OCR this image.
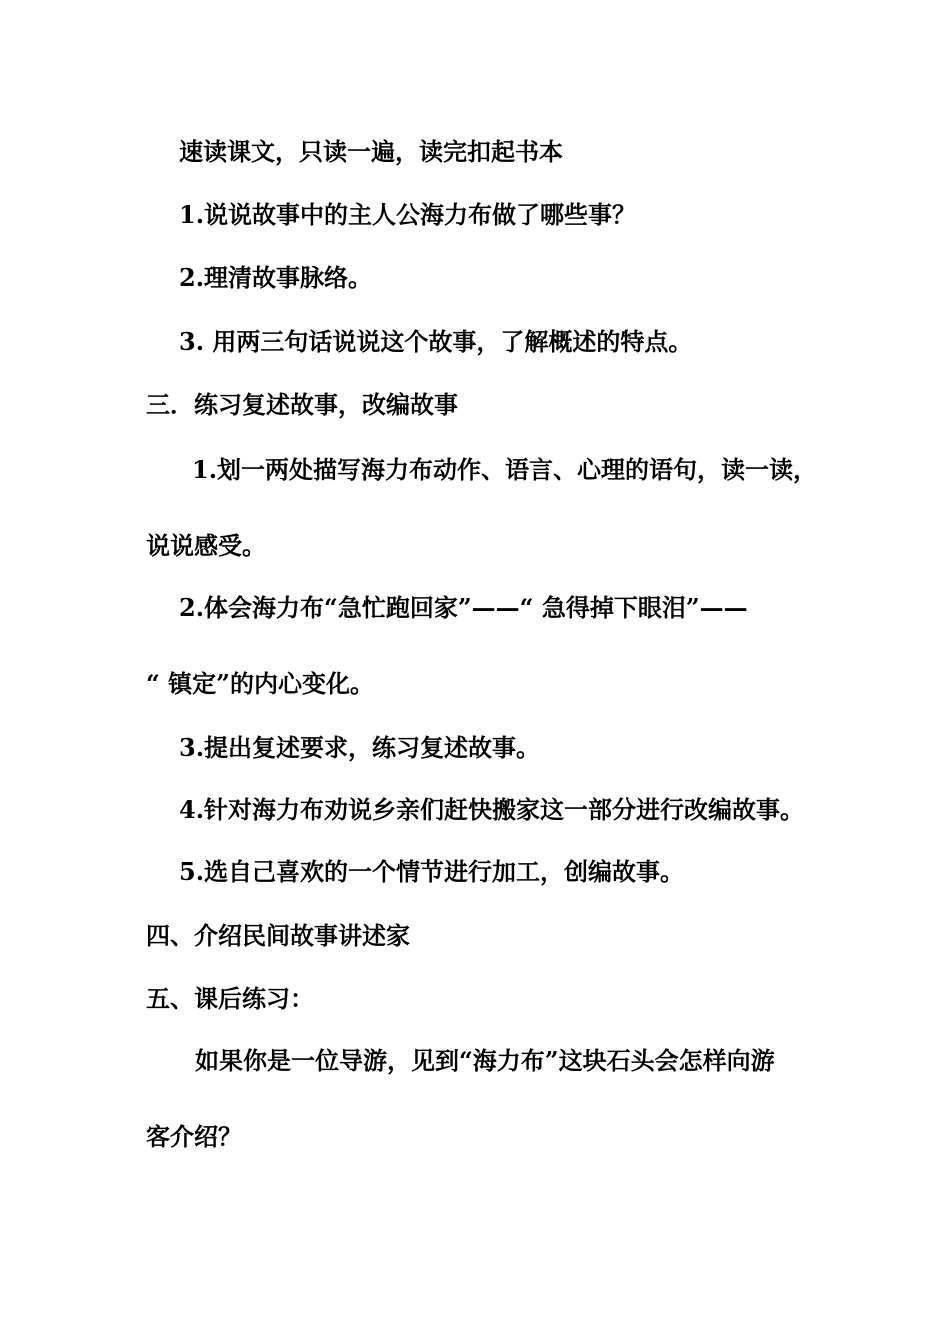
速读课文，只读一遍，读完扣起书本
1.说说故事中的主人公海力布做了哪些事？
2.理清故事脉络。
3. 用两三句话说说这个故事，了解概述的特点。
三．练习复述故事，改编故事
1.划一两处描写海力布动作、语言、心理的语句，读一读，
说说感受。
2.体会海力布“急忙跑回家”——“ 急得掉下眼泪”——
“ 镇定”的内心变化。
3.提出复述要求，练习复述故事。
4.针对海力布劝说乡亲们赶快搬家这一部分进行改编故事。
5.选自己喜欢的一个情节进行加工，创编故事。
四、介绍民间故事讲述家
五、课后练习：
如果你是一位导游，见到“海力布”这块石头会怎样向游
客介绍？
